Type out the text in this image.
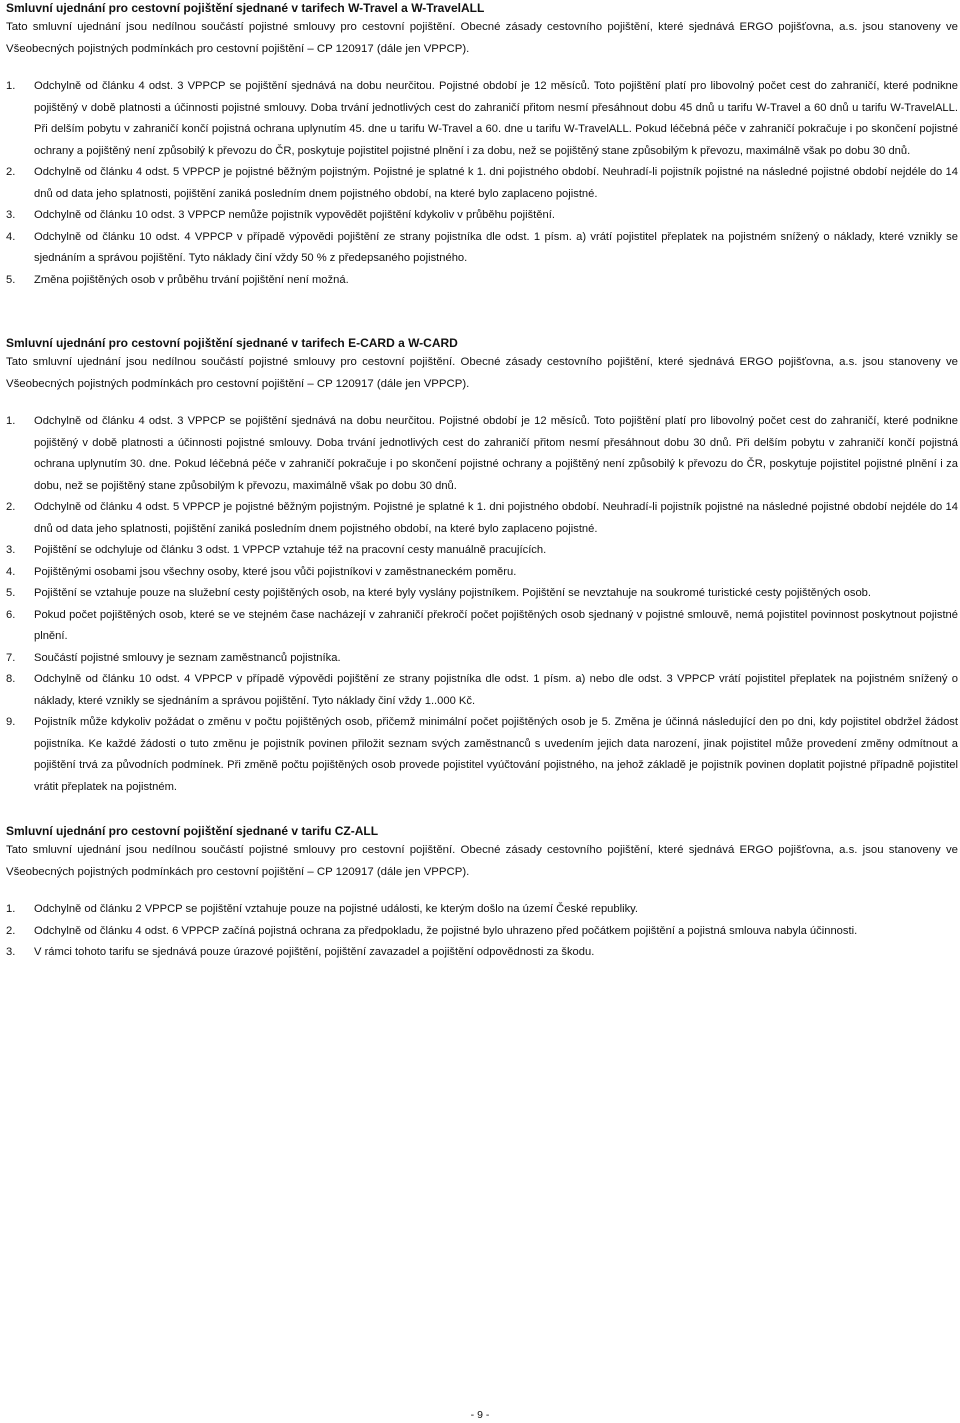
Smluvní ujednání pro cestovní pojištění sjednané v tarifech W-Travel a W-TravelALL

Tato smluvní ujednání jsou nedílnou součástí pojistné smlouvy pro cestovní pojištění. Obecné zásady cestovního pojištění, které sjednává ERGO pojišťovna, a.s. jsou stanoveny ve Všeobecných pojistných podmínkách pro cestovní pojištění – CP 120917 (dále jen VPPCP).

1. Odchylně od článku 4 odst. 3 VPPCP se pojištění sjednává na dobu neurčitou. Pojistné období je 12 měsíců. Toto pojištění platí pro libovolný počet cest do zahraničí, které podnikne pojištěný v době platnosti a účinnosti pojistné smlouvy. Doba trvání jednotlivých cest do zahraničí přitom nesmí přesáhnout dobu 45 dnů u tarifu W-Travel a 60 dnů u tarifu W-TravelALL. Při delším pobytu v zahraničí končí pojistná ochrana uplynutím 45. dne u tarifu W-Travel a 60. dne u tarifu W-TravelALL. Pokud léčebná péče v zahraničí pokračuje i po skončení pojistné ochrany a pojištěný není způsobilý k převozu do ČR, poskytuje pojistitel pojistné plnění i za dobu, než se pojištěný stane způsobilým k převozu, maximálně však po dobu 30 dnů.
2. Odchylně od článku 4 odst. 5 VPPCP je pojistné běžným pojistným. Pojistné je splatné k 1. dni pojistného období. Neuhradí-li pojistník pojistné na následné pojistné období nejdéle do 14 dnů od data jeho splatnosti, pojištění zaniká posledním dnem pojistného období, na které bylo zaplaceno pojistné.
3. Odchylně od článku 10 odst. 3 VPPCP nemůže pojistník vypovědět pojištění kdykoliv v průběhu pojištění.
4. Odchylně od článku 10 odst. 4 VPPCP v případě výpovědi pojištění ze strany pojistníka dle odst. 1 písm. a) vrátí pojistitel přeplatek na pojistném snížený o náklady, které vznikly se sjednáním a správou pojištění. Tyto náklady činí vždy 50 % z předepsaného pojistného.
5. Změna pojištěných osob v průběhu trvání pojištění není možná.

Smluvní ujednání pro cestovní pojištění sjednané v tarifech E-CARD a W-CARD

Tato smluvní ujednání jsou nedílnou součástí pojistné smlouvy pro cestovní pojištění. Obecné zásady cestovního pojištění, které sjednává ERGO pojišťovna, a.s. jsou stanoveny ve Všeobecných pojistných podmínkách pro cestovní pojištění – CP 120917 (dále jen VPPCP).

1. Odchylně od článku 4 odst. 3 VPPCP se pojištění sjednává na dobu neurčitou. Pojistné období je 12 měsíců. Toto pojištění platí pro libovolný počet cest do zahraničí, které podnikne pojištěný v době platnosti a účinnosti pojistné smlouvy. Doba trvání jednotlivých cest do zahraničí přitom nesmí přesáhnout dobu 30 dnů. Při delším pobytu v zahraničí končí pojistná ochrana uplynutím 30. dne. Pokud léčebná péče v zahraničí pokračuje i po skončení pojistné ochrany a pojištěný není způsobilý k převozu do ČR, poskytuje pojistitel pojistné plnění i za dobu, než se pojištěný stane způsobilým k převozu, maximálně však po dobu 30 dnů.
2. Odchylně od článku 4 odst. 5 VPPCP je pojistné běžným pojistným. Pojistné je splatné k 1. dni pojistného období. Neuhradí-li pojistník pojistné na následné pojistné období nejdéle do 14 dnů od data jeho splatnosti, pojištění zaniká posledním dnem pojistného období, na které bylo zaplaceno pojistné.
3. Pojištění se odchyluje od článku 3 odst. 1 VPPCP vztahuje též na pracovní cesty manuálně pracujících.
4. Pojištěnými osobami jsou všechny osoby, které jsou vůči pojistníkovi v zaměstnaneckém poměru.
5. Pojištění se vztahuje pouze na služební cesty pojištěných osob, na které byly vyslány pojistníkem. Pojištění se nevztahuje na soukromé turistické cesty pojištěných osob.
6. Pokud počet pojištěných osob, které se ve stejném čase nacházejí v zahraničí překročí počet pojištěných osob sjednaný v pojistné smlouvě, nemá pojistitel povinnost poskytnout pojistné plnění.
7. Součástí pojistné smlouvy je seznam zaměstnanců pojistníka.
8. Odchylně od článku 10 odst. 4 VPPCP v případě výpovědi pojištění ze strany pojistníka dle odst. 1 písm. a) nebo dle odst. 3 VPPCP vrátí pojistitel přeplatek na pojistném snížený o náklady, které vznikly se sjednáním a správou pojištění. Tyto náklady činí vždy 1..000 Kč.
9. Pojistník může kdykoliv požádat o změnu v počtu pojištěných osob, přičemž minimální počet pojištěných osob je 5. Změna je účinná následující den po dni, kdy pojistitel obdržel žádost pojistníka. Ke každé žádosti o tuto změnu je pojistník povinen přiložit seznam svých zaměstnanců s uvedením jejich data narození, jinak pojistitel může provedení změny odmítnout a pojištění trvá za původních podmínek. Při změně počtu pojištěných osob provede pojistitel vyúčtování pojistného, na jehož základě je pojistník povinen doplatit pojistné případně pojistitel vrátit přeplatek na pojistném.

Smluvní ujednání pro cestovní pojištění sjednané v tarifu CZ-ALL

Tato smluvní ujednání jsou nedílnou součástí pojistné smlouvy pro cestovní pojištění. Obecné zásady cestovního pojištění, které sjednává ERGO pojišťovna, a.s. jsou stanoveny ve Všeobecných pojistných podmínkách pro cestovní pojištění – CP 120917 (dále jen VPPCP).

1. Odchylně od článku 2 VPPCP se pojištění vztahuje pouze na pojistné události, ke kterým došlo na území České republiky.
2. Odchylně od článku 4 odst. 6 VPPCP začíná pojistná ochrana za předpokladu, že pojistné bylo uhrazeno před počátkem pojištění a pojistná smlouva nabyla účinnosti.
3. V rámci tohoto tarifu se sjednává pouze úrazové pojištění, pojištění zavazadel a pojištění odpovědnosti za škodu.
- 9 -
